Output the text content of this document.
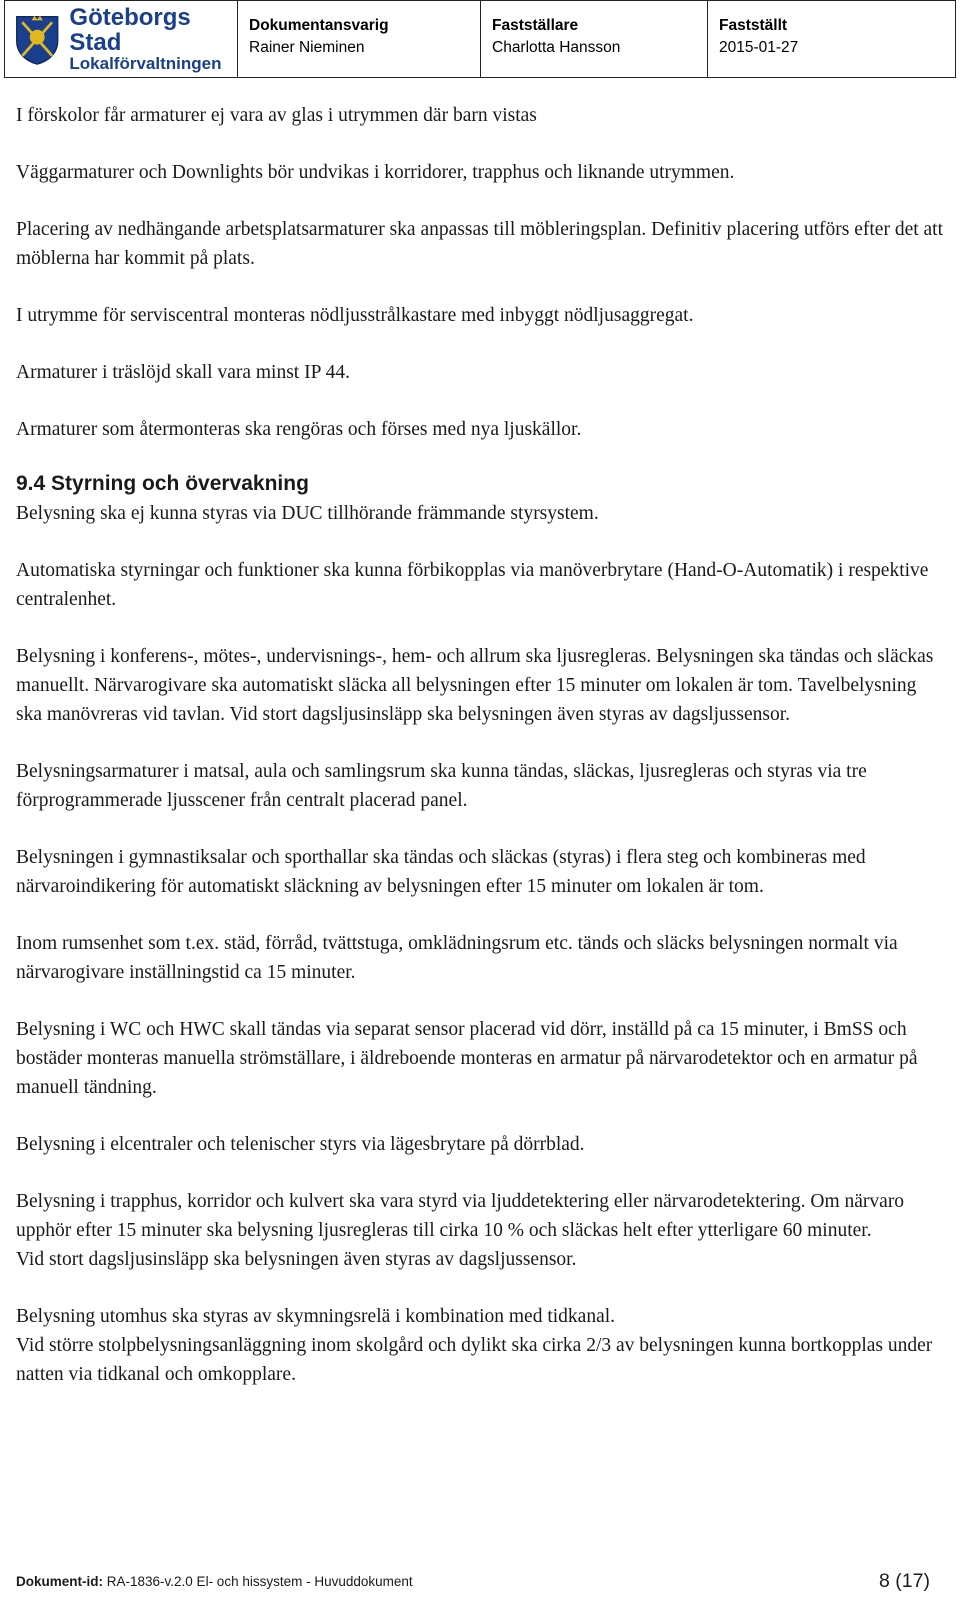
Göteborgs Stad
Lokalförvaltningen
Dokumentansvarig
Rainer Nieminen
Fastställare
Charlotta Hansson
Fastställt
2015-01-27

I förskolor får armaturer ej vara av glas i utrymmen där barn vistas

Väggarmaturer och Downlights bör undvikas i korridorer, trapphus och liknande utrymmen.

Placering av nedhängande arbetsplatsarmaturer ska anpassas till möbleringsplan. Definitiv placering utförs efter det att möblerna har kommit på plats.

I utrymme för serviscentral monteras nödljusstrålkastare med inbyggt nödljusaggregat.

Armaturer i träslöjd skall vara minst IP 44.

Armaturer som återmonteras ska rengöras och förses med nya ljuskällor.

9.4 Styrning och övervakning

Belysning ska ej kunna styras via DUC tillhörande främmande styrsystem.

Automatiska styrningar och funktioner ska kunna förbikopplas via manöverbrytare (Hand-O-Automatik) i respektive centralenhet.

Belysning i konferens-, mötes-, undervisnings-, hem- och allrum ska ljusregleras. Belysningen ska tändas och släckas manuellt. Närvarogivare ska automatiskt släcka all belysningen efter 15 minuter om lokalen är tom. Tavelbelysning ska manövreras vid tavlan. Vid stort dagsljusinsläpp ska belysningen även styras av dagsljussensor.

Belysningsarmaturer i matsal, aula och samlingsrum ska kunna tändas, släckas, ljusregleras och styras via tre förprogrammerade ljusscener från centralt placerad panel.

Belysningen i gymnastiksalar och sporthallar ska tändas och släckas (styras) i flera steg och kombineras med närvaroindikering för automatiskt släckning av belysningen efter 15 minuter om lokalen är tom.

Inom rumsenhet som t.ex. städ, förråd, tvättstuga, omklädningsrum etc. tänds och släcks belysningen normalt via närvarogivare inställningstid ca 15 minuter.

Belysning i WC och HWC skall tändas via separat sensor placerad vid dörr, inställd på ca 15 minuter, i BmSS och bostäder monteras manuella strömställare, i äldreboende monteras en armatur på närvarodetektor och en armatur på manuell tändning.

Belysning i elcentraler och telenischer styrs via lägesbrytare på dörrblad.

Belysning i trapphus, korridor och kulvert ska vara styrd via ljuddetektering eller närvarodetektering. Om närvaro upphör efter 15 minuter ska belysning ljusregleras till cirka 10 % och släckas helt efter ytterligare 60 minuter.
Vid stort dagsljusinsläpp ska belysningen även styras av dagsljussensor.

Belysning utomhus ska styras av skymningsrelä i kombination med tidkanal.
Vid större stolpbelysningsanläggning inom skolgård och dylikt ska cirka 2/3 av belysningen kunna bortkopplas under natten via tidkanal och omkopplare.

Dokument-id: RA-1836-v.2.0 El- och hissystem - Huvuddokument	8 (17)
